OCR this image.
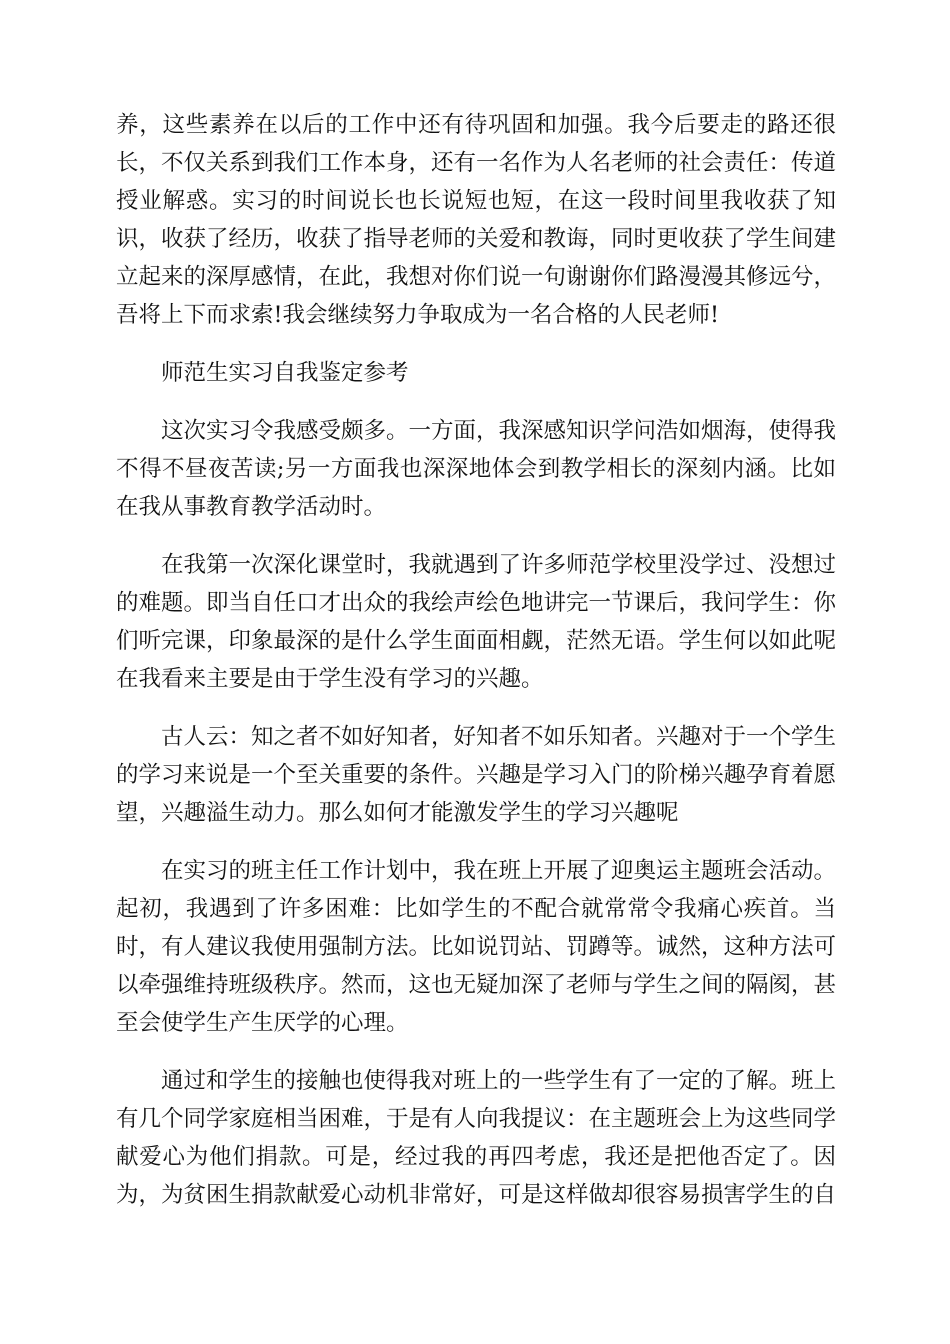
养，这些素养在以后的工作中还有待巩固和加强。我今后要走的路还很
长，不仅关系到我们工作本身，还有一名作为人名老师的社会责任：传道
授业解惑。实习的时间说长也长说短也短，在这一段时间里我收获了知
识，收获了经历，收获了指导老师的关爱和教诲，同时更收获了学生间建
立起来的深厚感情，在此，我想对你们说一句谢谢你们路漫漫其修远兮，
吾将上下而求索!我会继续努力争取成为一名合格的人民老师!
师范生实习自我鉴定参考
这次实习令我感受颇多。一方面，我深感知识学问浩如烟海，使得我
不得不昼夜苦读;另一方面我也深深地体会到教学相长的深刻内涵。比如
在我从事教育教学活动时。
在我第一次深化课堂时，我就遇到了许多师范学校里没学过、没想过
的难题。即当自任口才出众的我绘声绘色地讲完一节课后，我问学生：你
们听完课，印象最深的是什么学生面面相觑，茫然无语。学生何以如此呢
在我看来主要是由于学生没有学习的兴趣。
古人云：知之者不如好知者，好知者不如乐知者。兴趣对于一个学生
的学习来说是一个至关重要的条件。兴趣是学习入门的阶梯兴趣孕育着愿
望，兴趣溢生动力。那么如何才能激发学生的学习兴趣呢
在实习的班主任工作计划中，我在班上开展了迎奥运主题班会活动。
起初，我遇到了许多困难：比如学生的不配合就常常令我痛心疾首。当
时，有人建议我使用强制方法。比如说罚站、罚蹲等。诚然，这种方法可
以牵强维持班级秩序。然而，这也无疑加深了老师与学生之间的隔阂，甚
至会使学生产生厌学的心理。
通过和学生的接触也使得我对班上的一些学生有了一定的了解。班上
有几个同学家庭相当困难，于是有人向我提议：在主题班会上为这些同学
献爱心为他们捐款。可是，经过我的再四考虑，我还是把他否定了。因
为，为贫困生捐款献爱心动机非常好，可是这样做却很容易损害学生的自
